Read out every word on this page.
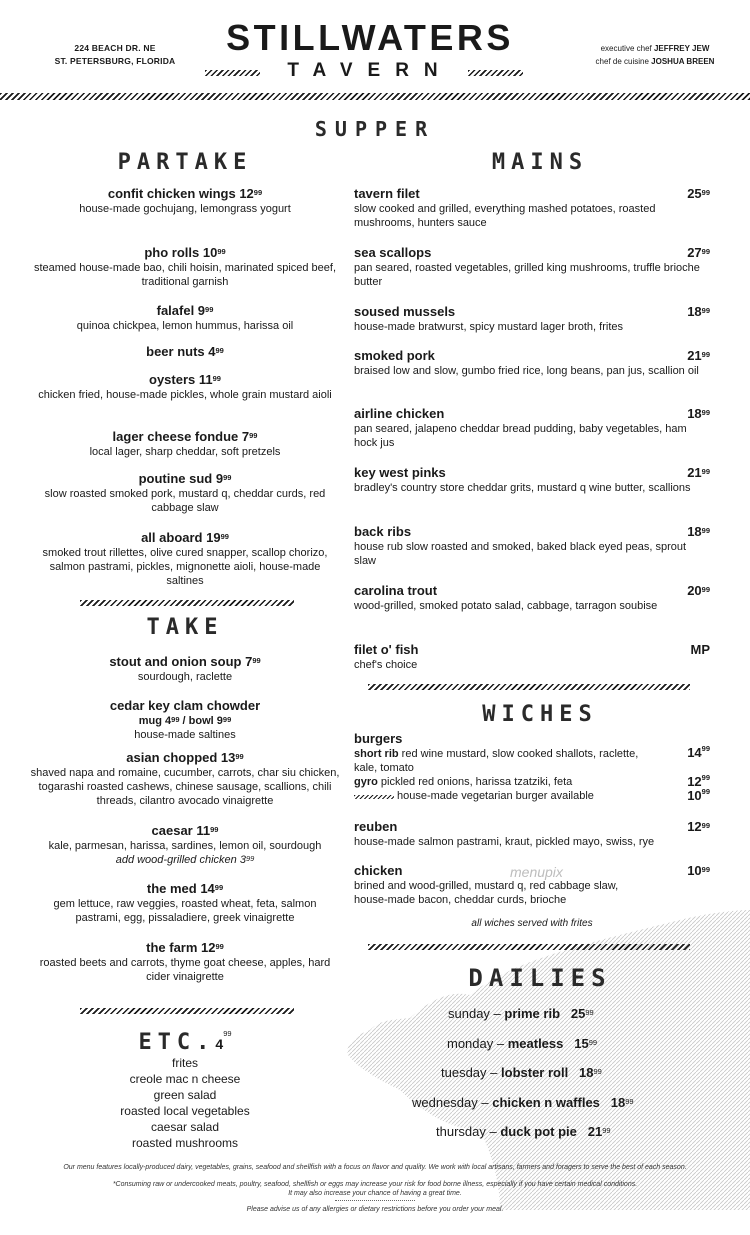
224 BEACH DR. NE
ST. PETERSBURG, FLORIDA
STILLWATERS
TAVERN
executive chef JEFFREY JEW
chef de cuisine JOSHUA BREEN
SUPPER
PARTAKE

confit chicken wings $12^{99}$

house-made gochujang, lemongrass yogurt

pho rolls $10^{99}$

steamed house-made bao, chili hoisin, marinated spiced beef, traditional garnish

falafel $9^{99}$

quinoa chickpea, lemon hummus, harissa oil

beer nuts $4^{99}$

oysters $11^{99}$

chicken fried, house-made pickles, whole grain mustard aioli

lager cheese fondue $7^{99}$

local lager, sharp cheddar, soft pretzels

poutine sud $9^{99}$

slow roasted smoked pork, mustard q, cheddar curds, red cabbage slaw

all aboard $19^{99}$

smoked trout rillettes, olive cured snapper, scallop chorizo, salmon pastrami, pickles, mignonette aioli, house-made saltines

TAKE

stout and onion soup $7^{99}$

sourdough, raclette

cedar key clam chowder

mug $4^{99}$ / bowl $9^{99}$

house-made saltines

asian chopped $13^{99}$

shaved napa and romaine, cucumber, carrots, char siu chicken, togarashi roasted cashews, chinese sausage, scallions, chili threads, cilantro avocado vinaigrette

caesar $11^{99}$

kale, parmesan, harissa, sardines, lemon oil, sourdough

add wood-grilled chicken $3^{99}$

the med $14^{99}$

gem lettuce, raw veggies, roasted wheat, feta, salmon pastrami, egg, pissaladiere, greek vinaigrette

the farm $12^{99}$

roasted beets and carrots, thyme goat cheese, apples, hard cider vinaigrette

$ETC.4^{99}$
frites
creole mac n cheese
green salad
roasted local vegetables
caesar salad
roasted mushrooms
MAINS

tavern filet

slow cooked and grilled, everything mashed potatoes, roasted mushrooms, hunters sauce

$25^{99}$

sea scallops

pan seared, roasted vegetables, grilled king mushrooms, truffle brioche butter

$27^{99}$

soused mussels

house-made bratwurst, spicy mustard lager broth, frites

$18^{99}$

smoked pork

braised low and slow, gumbo fried rice, long beans, pan jus, scallion oil

$21^{99}$

airline chicken

pan seared, jalapeno cheddar bread pudding, baby vegetables, ham hock jus

$18^{99}$

key west pinks

bradley's country store cheddar grits, mustard q wine butter, scallions

$21^{99}$

back ribs

house rub slow roasted and smoked, baked black eyed peas, sprout slaw

$18^{99}$

carolina trout

wood-grilled, smoked potato salad, cabbage, tarragon soubise

$20^{99}$

filet o' fish

chef's choice

MP
WICHES

burgers

short rib red wine mustard, slow cooked shallots, raclette, kale, tomato

$14^{99}$

gyro pickled red onions, harissa tzatziki, feta	$12^{99}$

house-made vegetarian burger available	$10^{99}$

reuben

house-made salmon pastrami, kraut, pickled mayo, swiss, rye

$12^{99}$

chicken

brined and wood-grilled, mustard q, red cabbage slaw, house-made bacon, cheddar curds, brioche

$10^{99}$
all wiches served with frites
DAILIES
sunday – prime rib $25^{99}$
monday – meatless $15^{99}$
tuesday – lobster roll $18^{99}$
wednesday – chicken n waffles $18^{99}$
thursday – duck pot pie $21^{99}$
menupix
Our menu features locally-produced dairy, vegetables, grains, seafood and shellfish with a focus on flavor and quality. We work with local artisans, farmers and foragers to serve the best of each season.
*Consuming raw or undercooked meats, poultry, seafood, shellfish or eggs may increase your risk for food borne illness, especially if you have certain medical conditions.
It may also increase your chance of having a great time.
Please advise us of any allergies or dietary restrictions before you order your meal.
